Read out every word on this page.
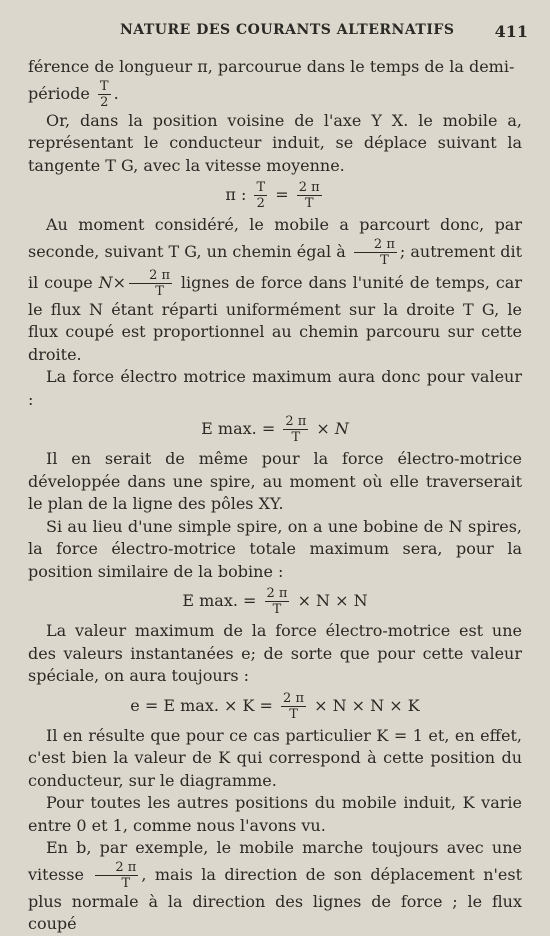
NATURE DES COURANTS ALTERNATIFS	411

férence de longueur π, parcourue dans le temps de la demi-
période $\frac{T}{2}$ .

Or, dans la position voisine de l'axe Y X. le mobile a, représentant le conducteur induit, se déplace suivant la tangente T G, avec la vitesse moyenne.

π : $\frac{T}{2} = \frac{2 \pi}{T}$

Au moment considéré, le mobile a parcourt donc, par seconde, suivant T G, un chemin égal à $\frac{2 \pi}{T}$ ; autrement dit il coupe $N\times \frac{2 \pi}{T}$ lignes de force dans l'unité de temps, car le flux N étant réparti uniformément sur la droite T G, le flux coupé est proportionnel au chemin parcouru sur cette droite.

La force électro motrice maximum aura donc pour valeur :

E max. = $\frac{2 \pi}{T} \times N$

Il en serait de même pour la force électro-motrice développée dans une spire, au moment où elle traverserait le plan de la ligne des pôles XY.

Si au lieu d'une simple spire, on a une bobine de N spires, la force électro-motrice totale maximum sera, pour la position similaire de la bobine :

E max. = $\frac{2 \pi}{T} \times N \times N$

La valeur maximum de la force électro-motrice est une des valeurs instantanées e; de sorte que pour cette valeur spéciale, on aura toujours :

e = E max. × $K = \frac{2 \pi}{T} \times N \times N \times K$

Il en résulte que pour ce cas particulier K = 1 et, en effet, c'est bien la valeur de K qui correspond à cette position du conducteur, sur le diagramme.

Pour toutes les autres positions du mobile induit, K varie entre 0 et 1, comme nous l'avons vu.

En b, par exemple, le mobile marche toujours avec une vitesse $\frac{2 \pi}{T}$ , mais la direction de son déplacement n'est plus normale à la direction des lignes de force ; le flux coupé
